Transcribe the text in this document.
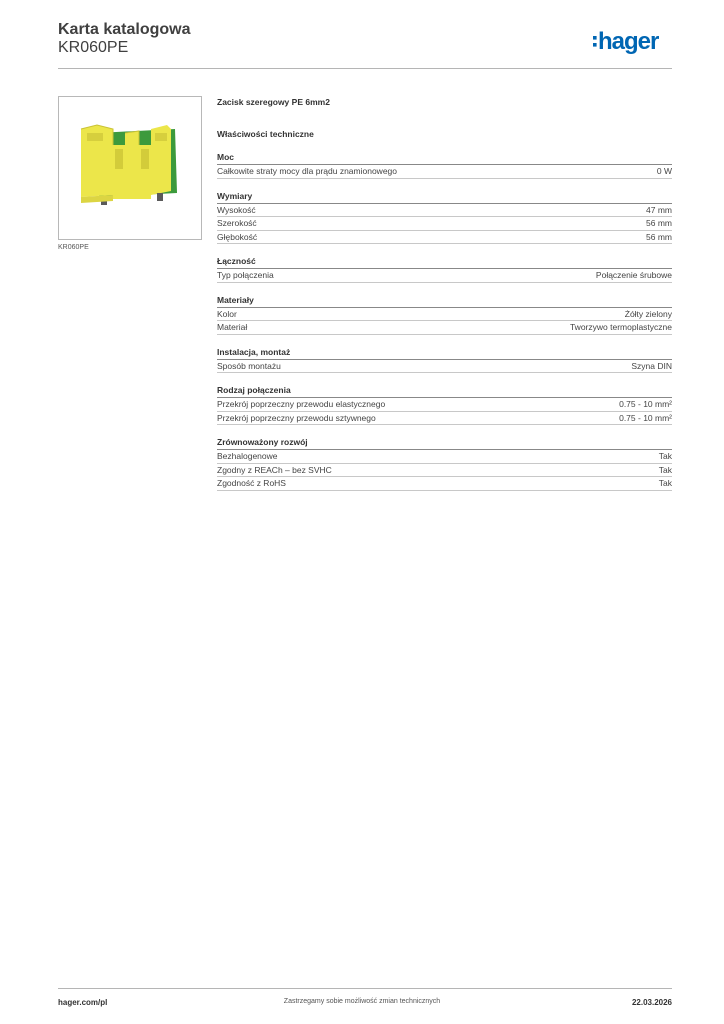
Karta katalogowa
KR060PE	hager
KR060PE
Zacisk szeregowy PE 6mm2
Właściwości techniczne
Moc
Całkowite straty mocy dla prądu znamionowego	0 W
Wymiary
Wysokość	47 mm
Szerokość	56 mm
Głębokość	56 mm
Łączność
Typ połączenia	Połączenie śrubowe
Materiały
Kolor	Żółty zielony
Materiał	Tworzywo termoplastyczne
Instalacja, montaż
Sposób montażu	Szyna DIN
Rodzaj połączenia
Przekrój poprzeczny przewodu elastycznego	0.75 - 10 mm²
Przekrój poprzeczny przewodu sztywnego	0.75 - 10 mm²
Zrównoważony rozwój
Bezhalogenowe	Tak
Zgodny z REACh – bez SVHC	Tak
Zgodność z RoHS	Tak
hager.com/pl	Zastrzegamy sobie możliwość zmian technicznych	22.03.2026
